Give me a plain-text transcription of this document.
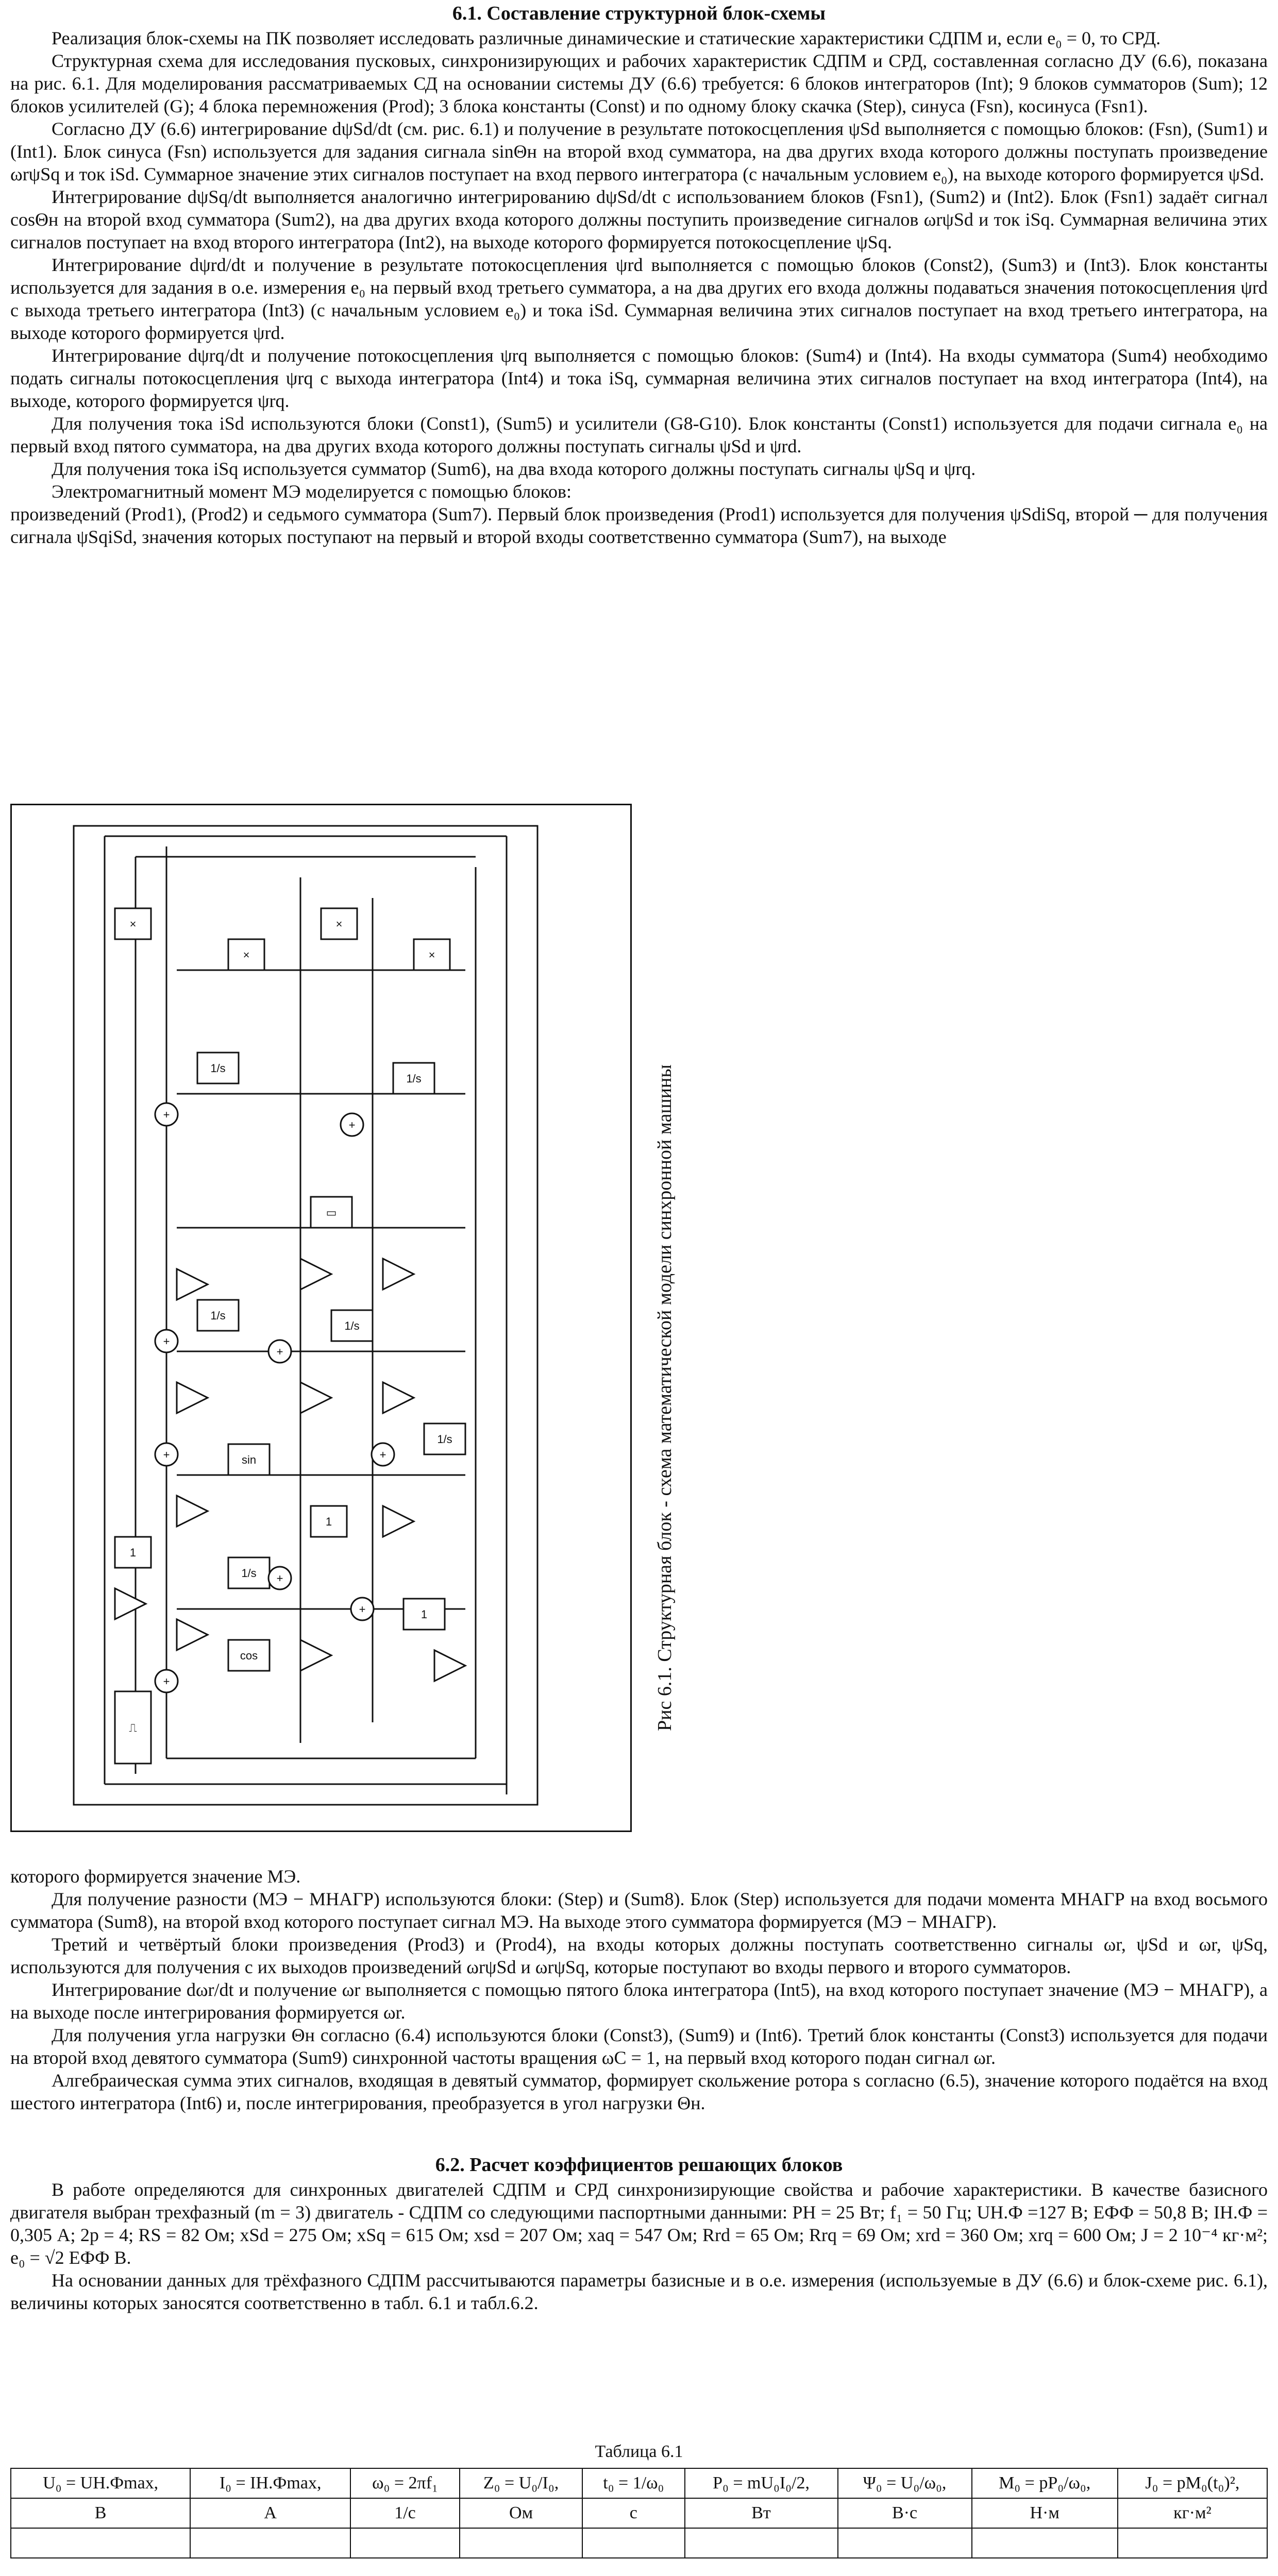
6.1. Составление структурной блок-схемы

Реализация блок-схемы на ПК позволяет исследовать различные динамические и статические характеристики СДПМ и, если e₀ = 0, то СРД.

Структурная схема для исследования пусковых, синхронизирующих и рабочих характеристик СДПМ и СРД, составленная согласно ДУ (6.6), показана на рис. 6.1. Для моделирования рассматриваемых СД на основании системы ДУ (6.6) требуется: 6 блоков интеграторов (Int); 9 блоков сумматоров (Sum); 12 блоков усилителей (G); 4 блока перемножения (Prod); 3 блока константы (Const) и по одному блоку скачка (Step), синуса (Fsn), косинуса (Fsn1).

Согласно ДУ (6.6) интегрирование dψSd/dt (см. рис. 6.1) и получение в результате потокосцепления ψSd выполняется с помощью блоков: (Fsn), (Sum1) и (Int1). Блок синуса (Fsn) используется для задания сигнала sinΘн на второй вход сумматора, на два других входа которого должны поступать произведение ωrψSq и ток iSd. Суммарное значение этих сигналов поступает на вход первого интегратора (с начальным условием e₀), на выходе которого формируется ψSd.

Интегрирование dψSq/dt выполняется аналогично интегрированию dψSd/dt с использованием блоков (Fsn1), (Sum2) и (Int2). Блок (Fsn1) задаёт сигнал cosΘн на второй вход сумматора (Sum2), на два других входа которого должны поступить произведение сигналов ωrψSd и ток iSq. Суммарная величина этих сигналов поступает на вход второго интегратора (Int2), на выходе которого формируется потокосцепление ψSq.

Интегрирование dψrd/dt и получение в результате потокосцепления ψrd выполняется с помощью блоков (Const2), (Sum3) и (Int3). Блок константы используется для задания в о.е. измерения e₀ на первый вход третьего сумматора, а на два других его входа должны подаваться значения потокосцепления ψrd с выхода третьего интегратора (Int3) (с начальным условием e₀) и тока iSd. Суммарная величина этих сигналов поступает на вход третьего интегратора, на выходе которого формируется ψrd.

Интегрирование dψrq/dt и получение потокосцепления ψrq выполняется с помощью блоков: (Sum4) и (Int4). На входы сумматора (Sum4) необходимо подать сигналы потокосцепления ψrq с выхода интегратора (Int4) и тока iSq, суммарная величина этих сигналов поступает на вход интегратора (Int4), на выходе, которого формируется ψrq.

Для получения тока iSd используются блоки (Const1), (Sum5) и усилители (G8-G10). Блок константы (Const1) используется для подачи сигнала e₀ на первый вход пятого сумматора, на два других входа которого должны поступать сигналы ψSd и ψrd.

Для получения тока iSq используется сумматор (Sum6), на два входа которого должны поступать сигналы ψSq и ψrq.

Электромагнитный момент MЭ моделируется с помощью блоков:

произведений (Prod1), (Prod2) и седьмого сумматора (Sum7). Первый блок произведения (Prod1) используется для получения ψSdiSq, второй ─ для получения сигнала ψSqiSd, значения которых поступают на первый и второй входы соответственно сумматора (Sum7), на выходе

×
×
×
×
1/s
1/s
1/s
1/s
1/s
1/s
▭
⎍
1
1
1
sin
cos
+
+
+
+
+
+
+
+
+	Рис 6.1. Структурная блок - схема математической модели синхронной машины

которого формируется значение MЭ.

Для получение разности (MЭ − MНАГР) используются блоки: (Step) и (Sum8). Блок (Step) используется для подачи момента MНАГР на вход восьмого сумматора (Sum8), на второй вход которого поступает сигнал MЭ. На выходе этого сумматора формируется (MЭ − MНАГР).

Третий и четвёртый блоки произведения (Prod3) и (Prod4), на входы которых должны поступать соответственно сигналы ωr, ψSd и ωr, ψSq, используются для получения с их выходов произведений ωrψSd и ωrψSq, которые поступают во входы первого и второго сумматоров.

Интегрирование dωr/dt и получение ωr выполняется с помощью пятого блока интегратора (Int5), на вход которого поступает значение (MЭ − MНАГР), а на выходе после интегрирования формируется ωr.

Для получения угла нагрузки Θн согласно (6.4) используются блоки (Const3), (Sum9) и (Int6). Третий блок константы (Const3) используется для подачи на второй вход девятого сумматора (Sum9) синхронной частоты вращения ωС = 1, на первый вход которого подан сигнал ωr.

Алгебраическая сумма этих сигналов, входящая в девятый сумматор, формирует скольжение ротора s согласно (6.5), значение которого подаётся на вход шестого интегратора (Int6) и, после интегрирования, преобразуется в угол нагрузки Θн.

6.2. Расчет коэффициентов решающих блоков

В работе определяются для синхронных двигателей СДПМ и СРД синхронизирующие свойства и рабочие характеристики. В качестве базисного двигателя выбран трехфазный (m = 3) двигатель - СДПМ со следующими паспортными данными: PН = 25 Вт; f₁ = 50 Гц; UН.Ф =127 В; EФФ = 50,8 В; IН.Ф = 0,305 А; 2p = 4; RS = 82 Ом; xSd = 275 Ом; xSq = 615 Ом; xsd = 207 Ом; xaq = 547 Ом; Rrd = 65 Ом; Rrq = 69 Ом; xrd = 360 Ом; xrq = 600 Ом; J = 2 10⁻⁴ кг·м²; e₀ = √2 EФФ В.

На основании данных для трёхфазного СДПМ рассчитываются параметры базисные и в о.е. измерения (используемые в ДУ (6.6) и блок-схеме рис. 6.1), величины которых заносятся соответственно в табл. 6.1 и табл.6.2.

Таблица 6.1
U₀ = UН.Фmax,	I₀ = IН.Фmax,	ω₀ = 2πf₁	Z₀ = U₀/I₀,	t₀ = 1/ω₀	P₀ = mU₀I₀/2,	Ψ₀ = U₀/ω₀,	M₀ = pP₀/ω₀,	J₀ = pM₀(t₀)²,
В	А	1/c	Ом	c	Вт	В·с	Н·м	кг·м²
